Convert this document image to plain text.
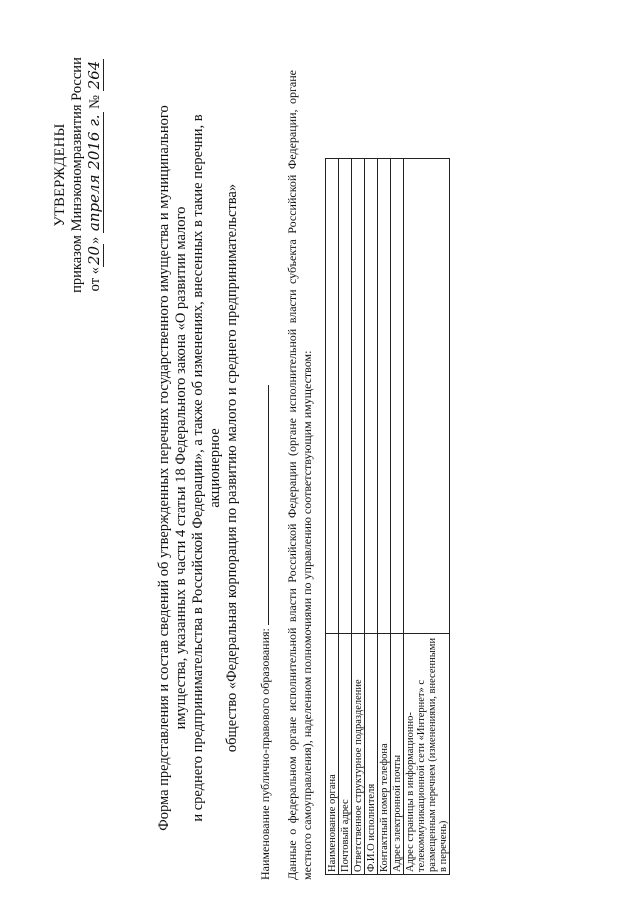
УТВЕРЖДЕНЫ приказом Минэкономразвития России от «20» апреля 2016 г. № 264
Форма представления и состав сведений об утвержденных перечнях государственного имущества и муниципального имущества, указанных в части 4 статьи 18 Федерального закона «О развитии малого и среднего предпринимательства в Российской Федерации», а также об изменениях, внесенных в такие перечни, в акционерное общество «Федеральная корпорация по развитию малого и среднего предпринимательства»
Наименование публично-правового образования: Данные о федеральном органе исполнительной власти Российской Федерации (органе исполнительной власти субъекта Российской Федерации, органе местного самоуправления), наделенном полномочиями по управлению соответствующим имуществом: Наименование органа	
Почтовый адрес	
Ответственное структурное подразделение	
Ф.И.О исполнителя	
Контактный номер телефона	
Адрес электронной почты	
Адрес страницы в информационно-телекоммуникационной сети «Интернет» с размещенным перечнем (изменениями, внесенными в перечень)	
